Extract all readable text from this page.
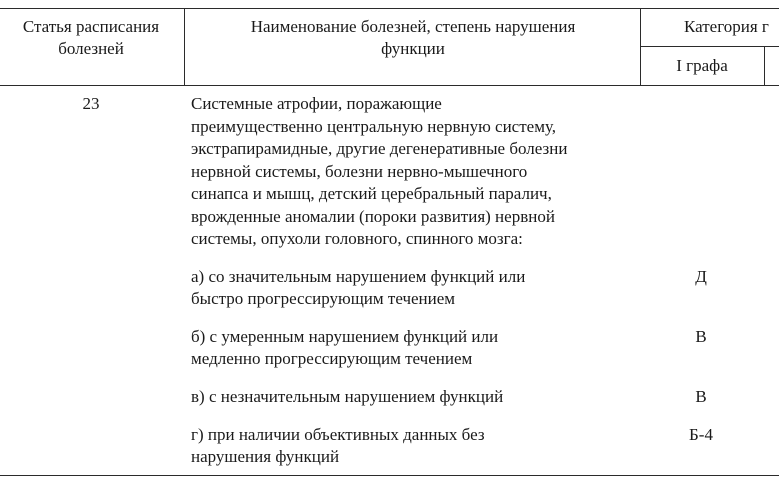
Статья расписания
болезней
Наименование болезней, степень нарушения
функции
Категория г
I графа
23	Системные атрофии, поражающие
преимущественно центральную нервную систему,
экстрапирамидные, другие дегенеративные болезни
нервной системы, болезни нервно-мышечного
синапса и мышц, детский церебральный паралич,
врожденные аномалии (пороки развития) нервной
системы, опухоли головного, спинного мозга:
а) со значительным нарушением функций или
быстро прогрессирующим течением
Д
б) с умеренным нарушением функций или
медленно прогрессирующим течением
В
в) с незначительным нарушением функций	В
г) при наличии объективных данных без
нарушения функций
Б-4
